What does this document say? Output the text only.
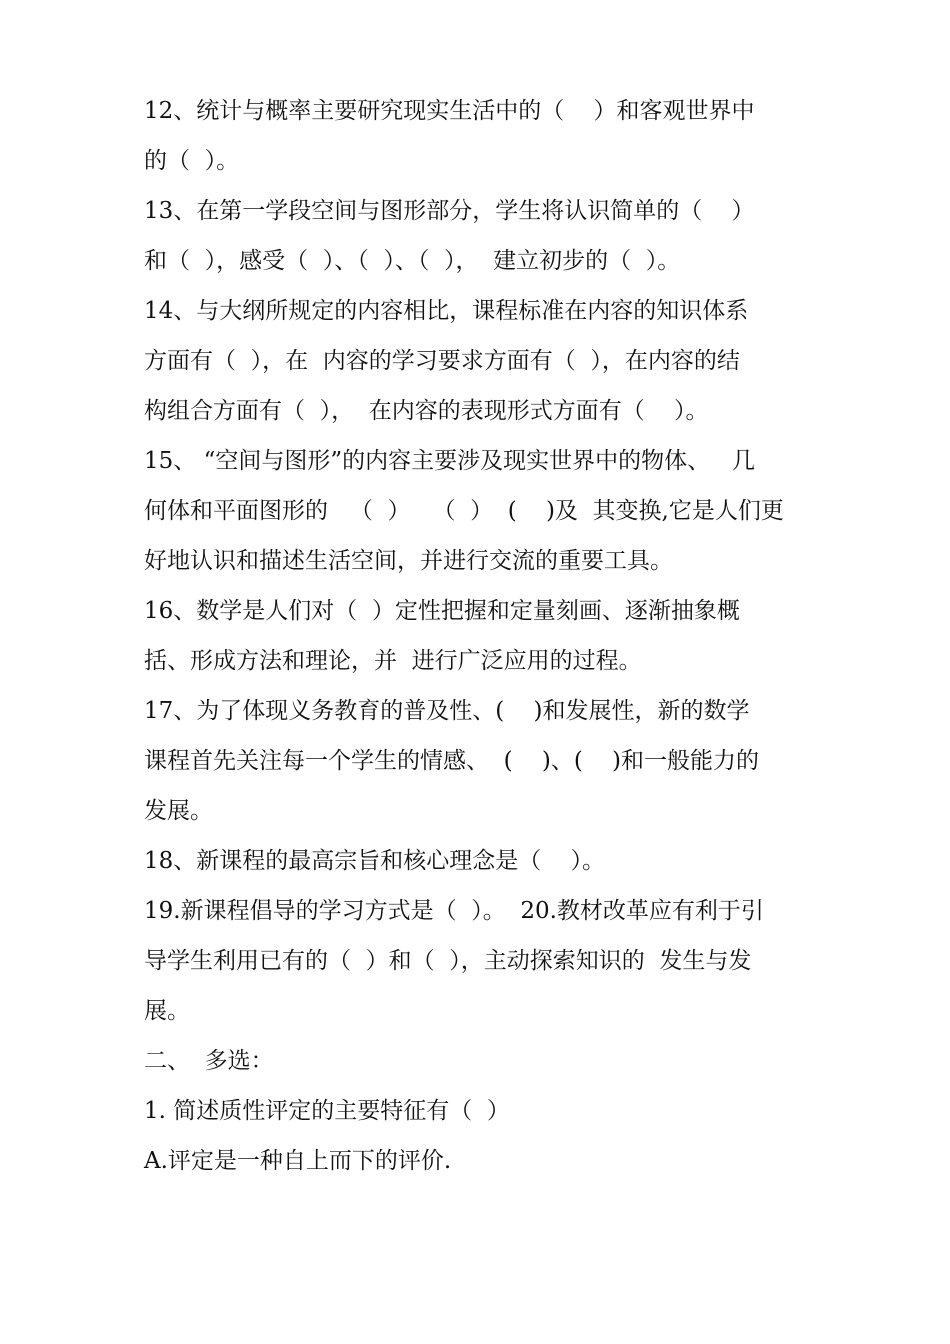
12、统计与概率主要研究现实生活中的（    ）和客观世界中

的（  ）。

13、在第一学段空间与图形部分，学生将认识简单的（    ）

和（  ），感受（  ）、（  ）、（  ），  建立初步的（  ）。

14、与大纲所规定的内容相比，课程标准在内容的知识体系

方面有（  ），在  内容的学习要求方面有（  ），在内容的结

构组合方面有（  ），  在内容的表现形式方面有（    ）。

15、 “空间与图形”的内容主要涉及现实世界中的物体、   几

何体和平面图形的   （  ）   （  ）  (    )及  其变换,它是人们更

好地认识和描述生活空间，并进行交流的重要工具。

16、数学是人们对（  ）定性把握和定量刻画、逐渐抽象概

括、形成方法和理论，并  进行广泛应用的过程。

17、为了体现义务教育的普及性、(    )和发展性，新的数学

课程首先关注每一个学生的情感、  (    )、(    )和一般能力的

发展。

18、新课程的最高宗旨和核心理念是（    ）。

19.新课程倡导的学习方式是（  ）。  20.教材改革应有利于引

导学生利用已有的（  ）和（  ），主动探索知识的  发生与发

展。

二、  多选：

1. 简述质性评定的主要特征有（  ）

A.评定是一种自上而下的评价.
